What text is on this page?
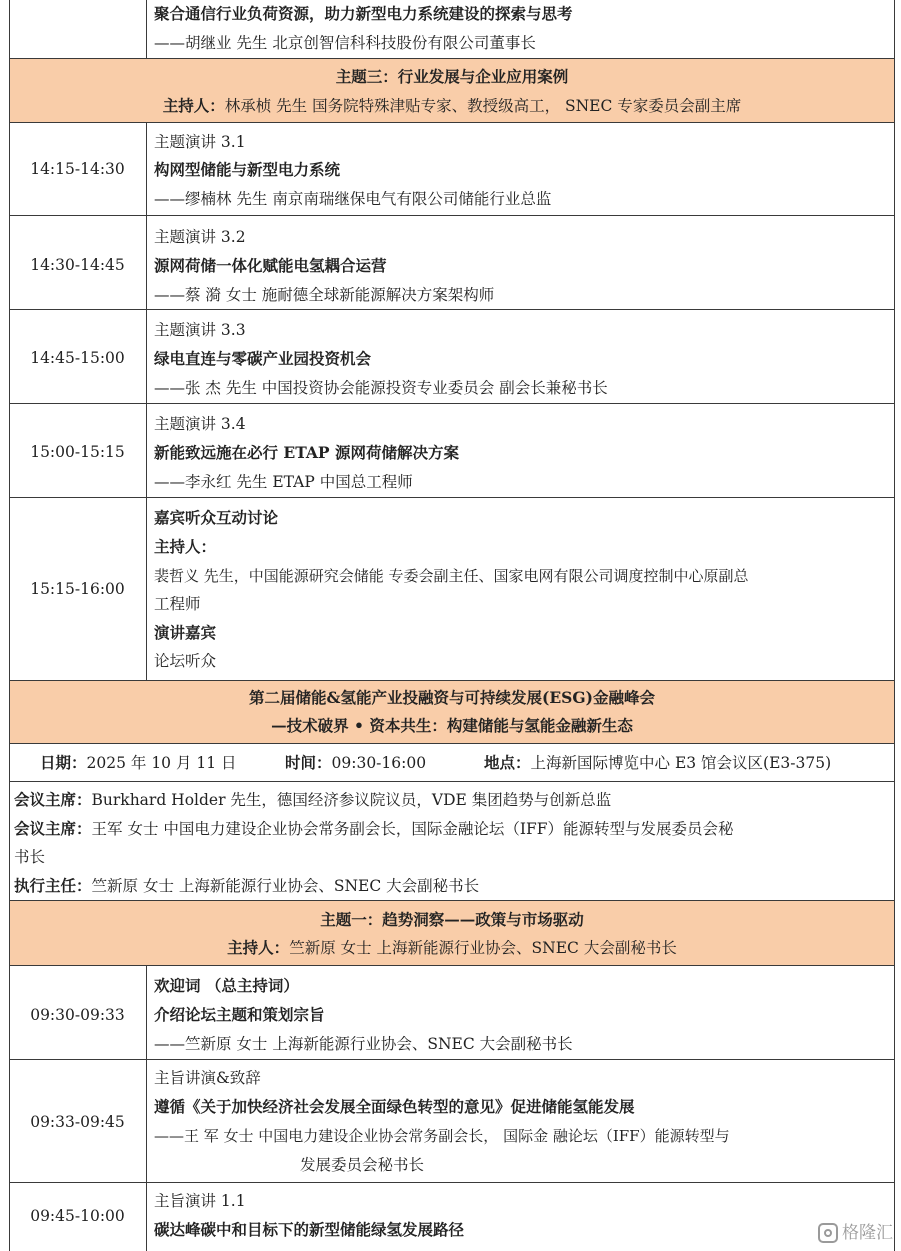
聚合通信行业负荷资源，助力新型电力系统建设的探索与思考
——胡继业 先生 北京创智信科科技股份有限公司董事长
主题三：行业发展与企业应用案例
主持人：林承桢 先生 国务院特殊津贴专家、教授级高工， SNEC 专家委员会副主席
14:15-14:30
主题演讲 3.1
构网型储能与新型电力系统
——缪楠林 先生 南京南瑞继保电气有限公司储能行业总监
14:30-14:45
主题演讲 3.2
源网荷储一体化赋能电氢耦合运营
——蔡 漪 女士 施耐德全球新能源解决方案架构师
14:45-15:00
主题演讲 3.3
绿电直连与零碳产业园投资机会
——张 杰 先生 中国投资协会能源投资专业委员会 副会长兼秘书长
15:00-15:15
主题演讲 3.4
新能致远施在必行 ETAP 源网荷储解决方案
——李永红 先生 ETAP 中国总工程师
15:15-16:00
嘉宾听众互动讨论
主持人：
裴哲义 先生，中国能源研究会储能 专委会副主任、国家电网有限公司调度控制中心原副总
工程师
演讲嘉宾
论坛听众
第二届储能&氢能产业投融资与可持续发展(ESG)金融峰会
—技术破界 • 资本共生：构建储能与氢能金融新生态
日期：2025 年 10 月 11 日	时间：09:30-16:00	地点：上海新国际博览中心 E3 馆会议区(E3-375)
会议主席：Burkhard Holder 先生，德国经济参议院议员，VDE 集团趋势与创新总监
会议主席：王军 女士 中国电力建设企业协会常务副会长，国际金融论坛（IFF）能源转型与发展委员会秘
书长
执行主任：竺新原 女士 上海新能源行业协会、SNEC 大会副秘书长
主题一：趋势洞察——政策与市场驱动
主持人：竺新原 女士 上海新能源行业协会、SNEC 大会副秘书长
09:30-09:33
欢迎词 （总主持词）
介绍论坛主题和策划宗旨
——竺新原 女士 上海新能源行业协会、SNEC 大会副秘书长
09:33-09:45
主旨讲演&致辞
遵循《关于加快经济社会发展全面绿色转型的意见》促进储能氢能发展
——王 军 女士 中国电力建设企业协会常务副会长， 国际金 融论坛（IFF）能源转型与
发展委员会秘书长
09:45-10:00
主旨演讲 1.1
碳达峰碳中和目标下的新型储能绿氢发展路径	格隆汇
